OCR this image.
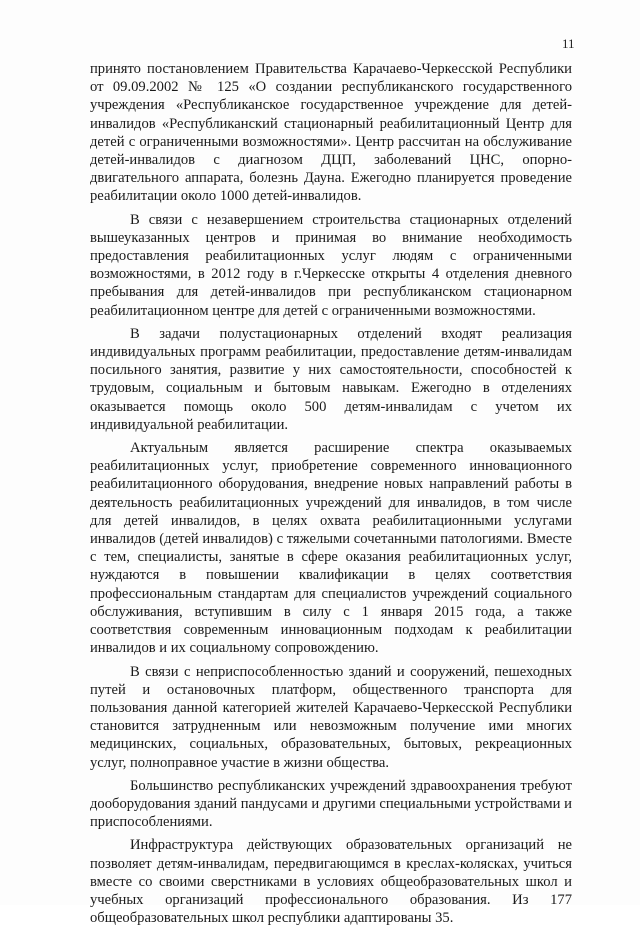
11

принято постановлением Правительства Карачаево-Черкесской Республики от 09.09.2002 № 125 «О создании республиканского государственного учреждения «Республиканское государственное учреждение для детей-инвалидов «Республиканский стационарный реабилитационный Центр для детей с ограниченными возможностями». Центр рассчитан на обслуживание детей-инвалидов с диагнозом ДЦП, заболеваний ЦНС, опорно-двигательного аппарата, болезнь Дауна. Ежегодно планируется проведение реабилитации около 1000 детей-инвалидов.

В связи с незавершением строительства стационарных отделений вышеуказанных центров и принимая во внимание необходимость предоставления реабилитационных услуг людям с ограниченными возможностями, в 2012 году в г.Черкесске открыты 4 отделения дневного пребывания для детей-инвалидов при республиканском стационарном реабилитационном центре для детей с ограниченными возможностями.

В задачи полустационарных отделений входят реализация индивидуальных программ реабилитации, предоставление детям-инвалидам посильного занятия, развитие у них самостоятельности, способностей к трудовым, социальным и бытовым навыкам. Ежегодно в отделениях оказывается помощь около 500 детям-инвалидам с учетом их индивидуальной реабилитации.

Актуальным является расширение спектра оказываемых реабилитационных услуг, приобретение современного инновационного реабилитационного оборудования, внедрение новых направлений работы в деятельность реабилитационных учреждений для инвалидов, в том числе для детей инвалидов, в целях охвата реабилитационными услугами инвалидов (детей инвалидов) с тяжелыми сочетанными патологиями. Вместе с тем, специалисты, занятые в сфере оказания реабилитационных услуг, нуждаются в повышении квалификации в целях соответствия профессиональным стандартам для специалистов учреждений социального обслуживания, вступившим в силу с 1 января 2015 года, а также соответствия современным инновационным подходам к реабилитации инвалидов и их социальному сопровождению.

В связи с неприспособленностью зданий и сооружений, пешеходных путей и остановочных платформ, общественного транспорта для пользования данной категорией жителей Карачаево-Черкесской Республики становится затрудненным или невозможным получение ими многих медицинских, социальных, образовательных, бытовых, рекреационных услуг, полноправное участие в жизни общества.

Большинство республиканских учреждений здравоохранения требуют дооборудования зданий пандусами и другими специальными устройствами и приспособлениями.

Инфраструктура действующих образовательных организаций не позволяет детям-инвалидам, передвигающимся в креслах-колясках, учиться вместе со своими сверстниками в условиях общеобразовательных школ и учебных организаций профессионального образования. Из 177 общеобразовательных школ республики адаптированы 35.
